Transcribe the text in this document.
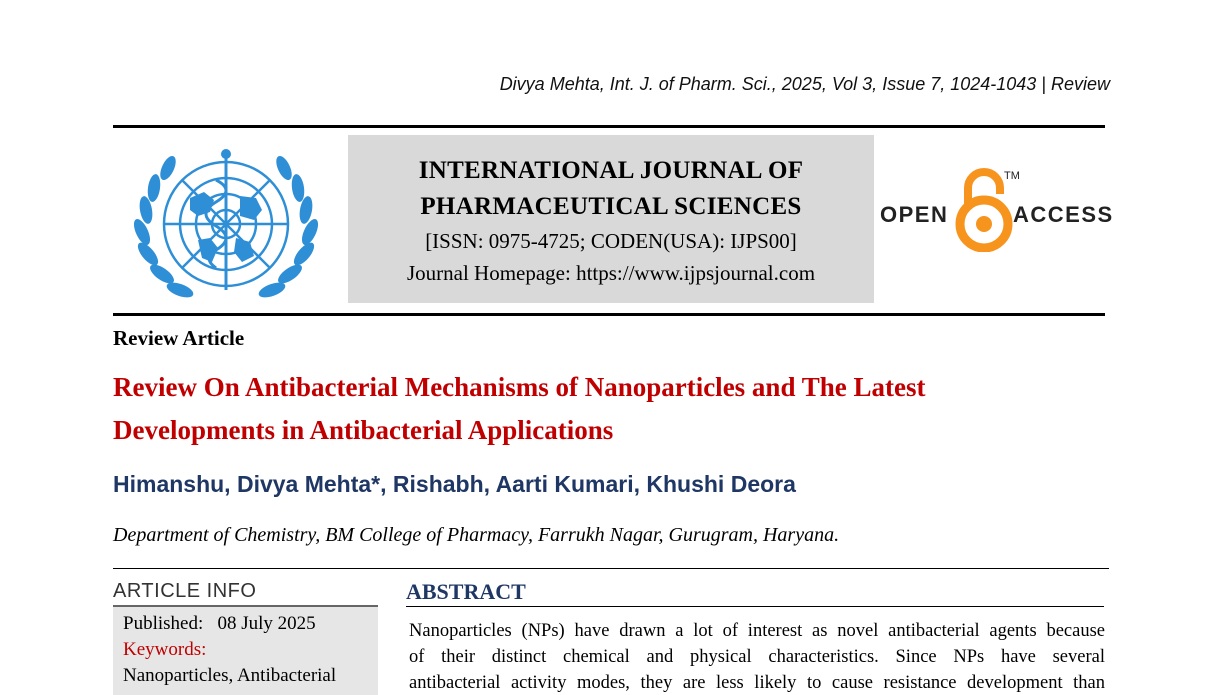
Divya Mehta, Int. J. of Pharm. Sci., 2025, Vol 3, Issue 7, 1024-1043 | Review
INTERNATIONAL JOURNAL OF
PHARMACEUTICAL SCIENCES
[ISSN: 0975-4725; CODEN(USA): IJPS00]
Journal Homepage: https://www.ijpsjournal.com
OPEN
TM
ACCESS
Review Article
Review On Antibacterial Mechanisms of Nanoparticles and The Latest
Developments in Antibacterial Applications
Himanshu, Divya Mehta*, Rishabh, Aarti Kumari, Khushi Deora
Department of Chemistry, BM College of Pharmacy, Farrukh Nagar, Gurugram, Haryana.
ARTICLE INFO
Published: 08 July 2025
Keywords:
Nanoparticles, Antibacterial
ABSTRACT
Nanoparticles (NPs) have drawn a lot of interest as novel antibacterial agents because
of their distinct chemical and physical characteristics. Since NPs have several
antibacterial activity modes, they are less likely to cause resistance development than
